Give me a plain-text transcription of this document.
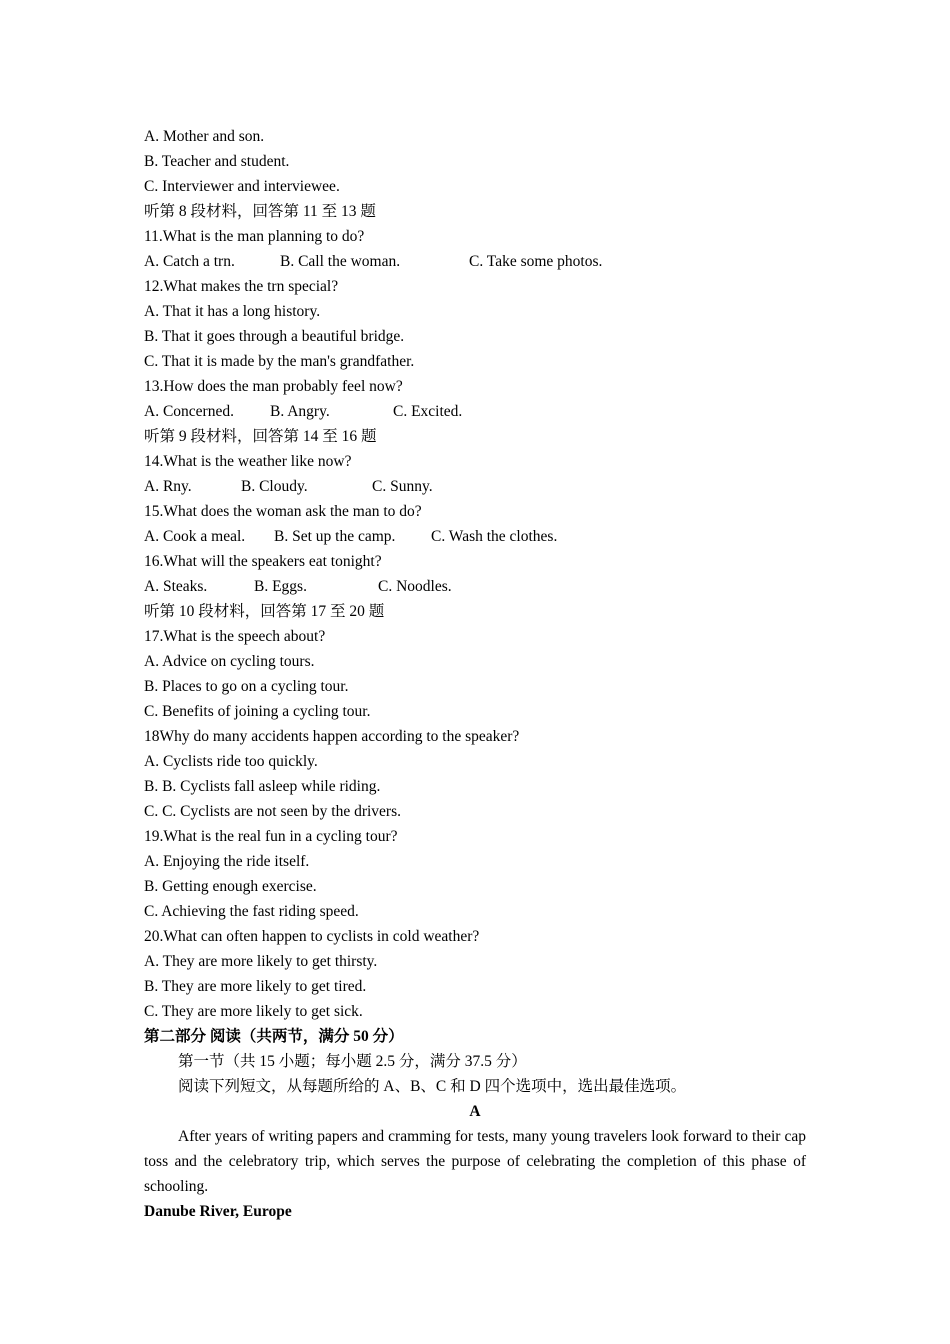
A. Mother and son.
B. Teacher and student.
C. Interviewer and interviewee.
听第 8 段材料，回答第 11 至 13 题
11.What is the man planning to do?
A. Catch a trn.	B. Call the woman.	C. Take some photos.
12.What makes the trn special?
A. That it has a long history.
B. That it goes through a beautiful bridge.
C. That it is made by the man's grandfather.
13.How does the man probably feel now?
A. Concerned.	B. Angry.	C. Excited.
听第 9 段材料，回答第 14 至 16 题
14.What is the weather like now?
A. Rny.	B. Cloudy.	C. Sunny.
15.What does the woman ask the man to do?
A. Cook a meal.	B. Set up the camp.	C. Wash the clothes.
16.What will the speakers eat tonight?
A. Steaks.	B. Eggs.	C. Noodles.
听第 10 段材料，回答第 17 至 20 题
17.What is the speech about?
A. Advice on cycling tours.
B. Places to go on a cycling tour.
C. Benefits of joining a cycling tour.
18Why do many accidents happen according to the speaker?
A. Cyclists ride too quickly.
B. B. Cyclists fall asleep while riding.
C. C. Cyclists are not seen by the drivers.
19.What is the real fun in a cycling tour?
A. Enjoying the ride itself.
B. Getting enough exercise.
C. Achieving the fast riding speed.
20.What can often happen to cyclists in cold weather?
A. They are more likely to get thirsty.
B. They are more likely to get tired.
C. They are more likely to get sick.
第二部分 阅读（共两节，满分 50 分）
第一节（共 15 小题；每小题 2.5 分，满分 37.5 分）
阅读下列短文，从每题所给的 A、B、C 和 D 四个选项中，选出最佳选项。
A
After years of writing papers and cramming for tests, many young travelers look forward to their cap toss and the celebratory trip, which serves the purpose of celebrating the completion of this phase of schooling.
Danube River, Europe
